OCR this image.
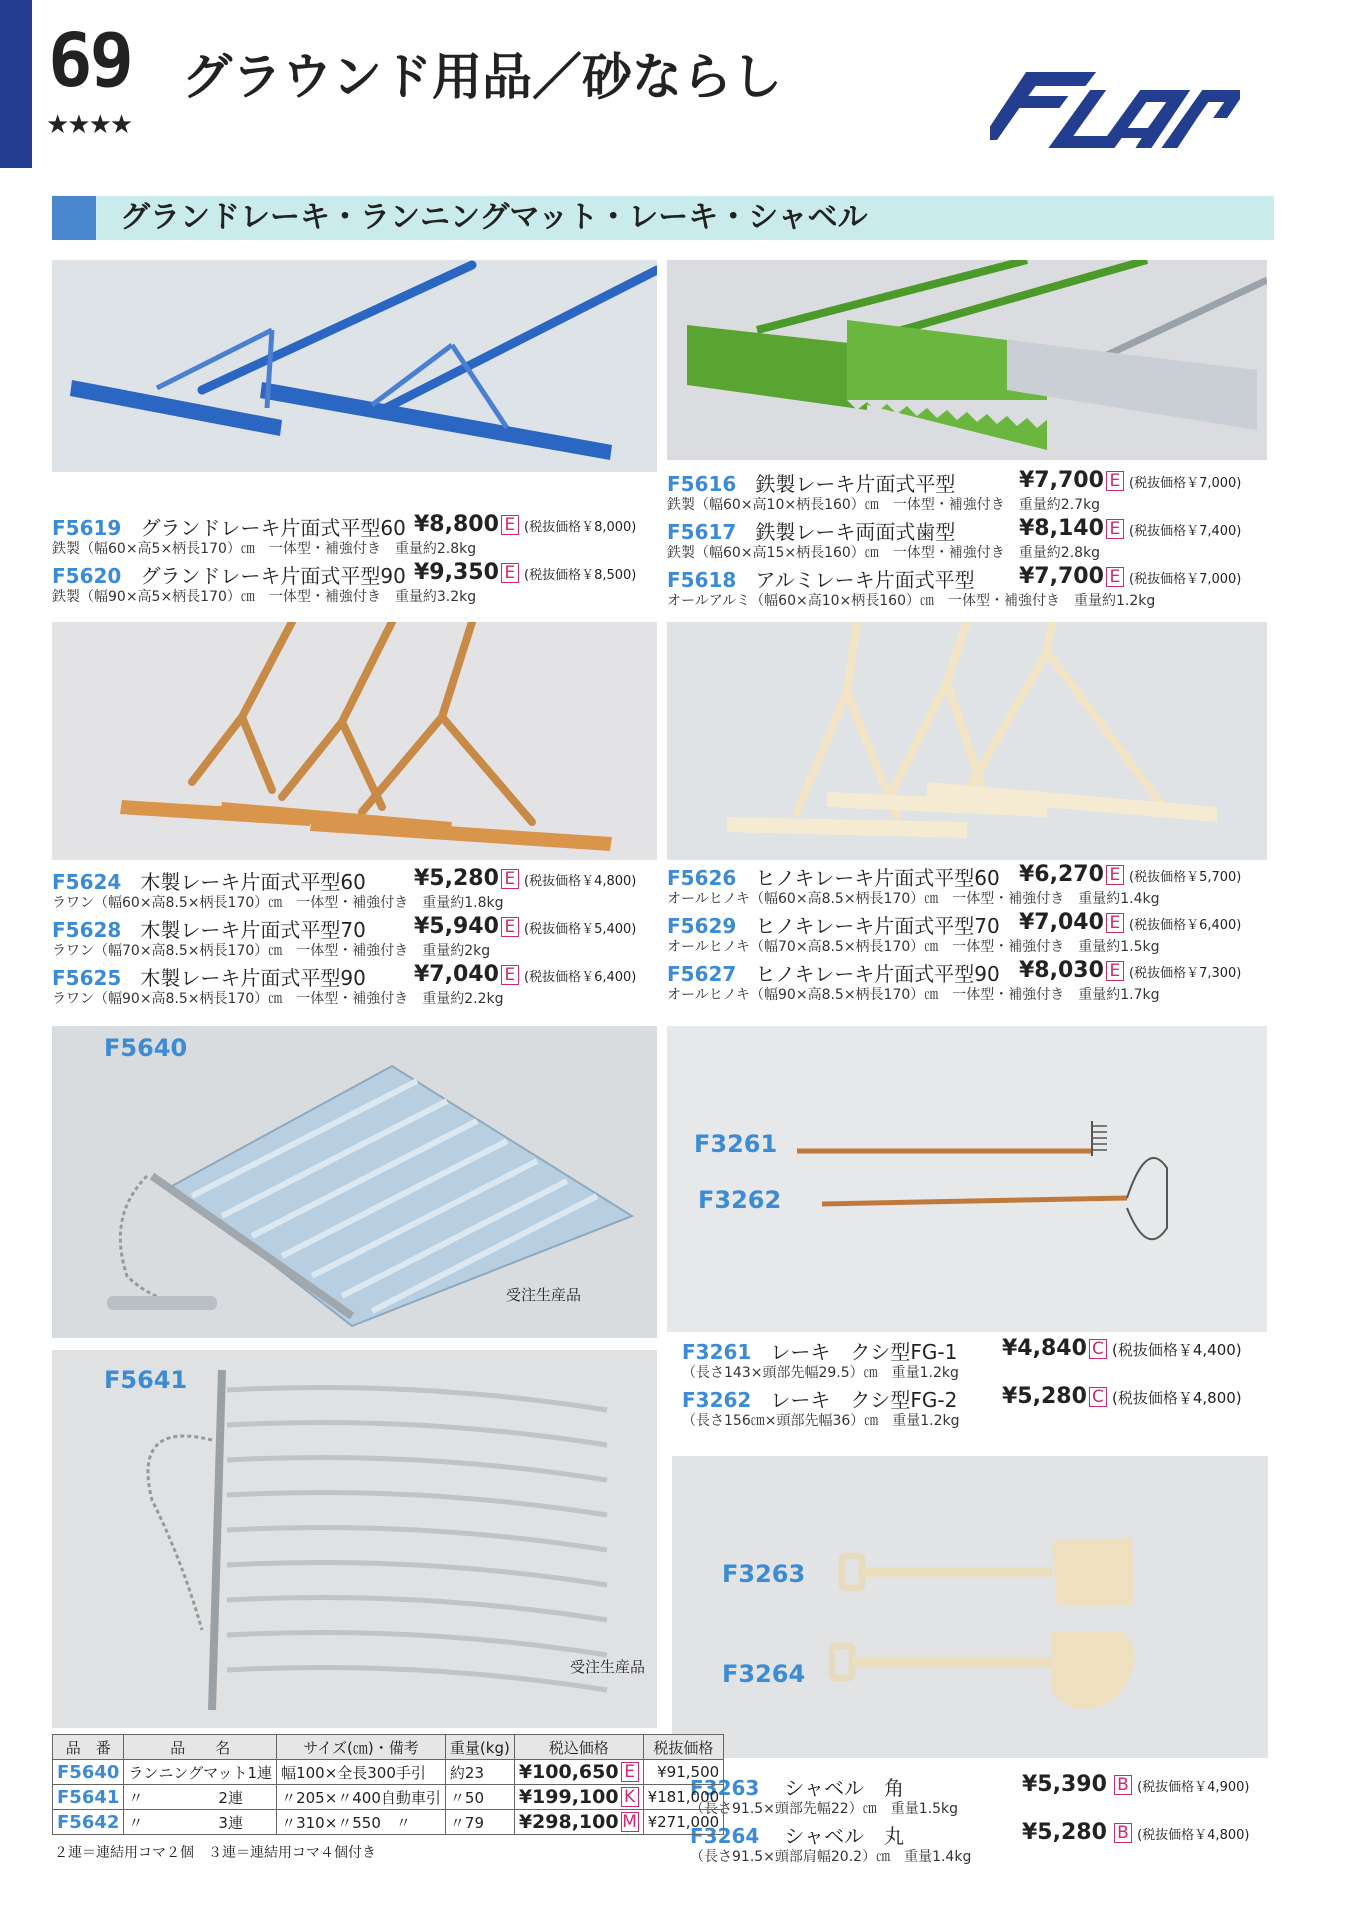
69
★★★★
グラウンド用品／砂ならし
グランドレーキ・ランニングマット・レーキ・シャベル
F5619 グランドレーキ片面式平型60 ¥8,800 E (税抜価格￥8,000)
鉄製（幅60×高5×柄長170）㎝　一体型・補強付き　重量約2.8kg
F5620 グランドレーキ片面式平型90 ¥9,350 E (税抜価格￥8,500)
鉄製（幅90×高5×柄長170）㎝　一体型・補強付き　重量約3.2kg
F5616 鉄製レーキ片面式平型	¥7,700 E (税抜価格￥7,000)
鉄製（幅60×高10×柄長160）㎝　一体型・補強付き　重量約2.7kg
F5617 鉄製レーキ両面式歯型	¥8,140 E (税抜価格￥7,400)
鉄製（幅60×高15×柄長160）㎝　一体型・補強付き　重量約2.8kg
F5618 アルミレーキ片面式平型 ¥7,700 E (税抜価格￥7,000)
オールアルミ（幅60×高10×柄長160）㎝　一体型・補強付き　重量約1.2kg
F5624 木製レーキ片面式平型60 ¥5,280 E (税抜価格￥4,800)
ラワン（幅60×高8.5×柄長170）㎝　一体型・補強付き　重量約1.8kg
F5628 木製レーキ片面式平型70 ¥5,940 E (税抜価格￥5,400)
ラワン（幅70×高8.5×柄長170）㎝　一体型・補強付き　重量約2kg
F5625 木製レーキ片面式平型90 ¥7,040 E (税抜価格￥6,400)
ラワン（幅90×高8.5×柄長170）㎝　一体型・補強付き　重量約2.2kg
F5626 ヒノキレーキ片面式平型60 ¥6,270 E (税抜価格￥5,700)
オールヒノキ（幅60×高8.5×柄長170）㎝　一体型・補強付き　重量約1.4kg
F5629 ヒノキレーキ片面式平型70 ¥7,040 E (税抜価格￥6,400)
オールヒノキ（幅70×高8.5×柄長170）㎝　一体型・補強付き　重量約1.5kg
F5627 ヒノキレーキ片面式平型90 ¥8,030 E (税抜価格￥7,300)
オールヒノキ（幅90×高8.5×柄長170）㎝　一体型・補強付き　重量約1.7kg
F5640
受注生産品
F3261
F3262
F3261 レーキ　クシ型FG-1 ¥4,840 C (税抜価格￥4,400)
（長さ143×頭部先幅29.5）㎝　重量1.2kg
F3262 レーキ　クシ型FG-2 ¥5,280 C (税抜価格￥4,800)
（長さ156㎝×頭部先幅36）㎝　重量1.2kg
F5641
受注生産品
F3263
F3264
F3263 シャベル　角	¥5,390 B (税抜価格￥4,900)
（長さ91.5×頭部先幅22）㎝　重量1.5kg
F3264 シャベル　丸	¥5,280 B (税抜価格￥4,800)
（長さ91.5×頭部肩幅20.2）㎝　重量1.4kg
品　番	品　　名	サイズ(㎝)・備考	重量(kg)	税込価格	税抜価格
F5640	ランニングマット1連	幅100×全長300手引	約23	¥100,650 E	¥91,500
F5641	〃　　　　　2連	〃205×〃400自動車引	〃50	¥199,100 K	¥181,000
F5642	〃　　　　　3連	〃310×〃550　〃	〃79	¥298,100 M	¥271,000
２連＝連結用コマ２個　３連＝連結用コマ４個付き
